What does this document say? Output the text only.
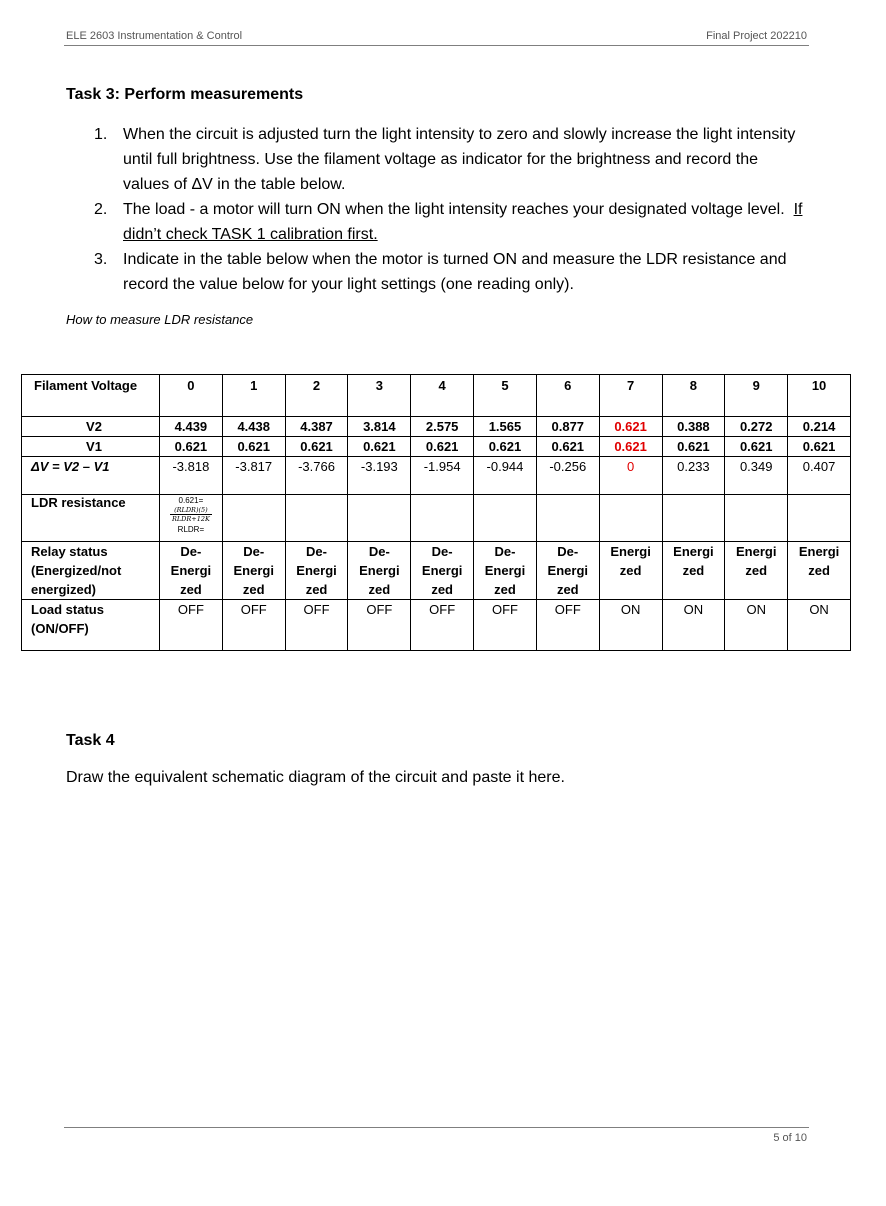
ELE 2603 Instrumentation & Control	Final Project 202210
Task 3: Perform measurements
1. When the circuit is adjusted turn the light intensity to zero and slowly increase the light intensity until full brightness. Use the filament voltage as indicator for the brightness and record the values of ΔV in the table below.
2. The load - a motor will turn ON when the light intensity reaches your designated voltage level. If didn’t check TASK 1 calibration first.
3. Indicate in the table below when the motor is turned ON and measure the LDR resistance and record the value below for your light settings (one reading only).
How to measure LDR resistance
Filament Voltage	0	1	2	3	4	5	6	7	8	9	10
V2	4.439	4.438	4.387	3.814	2.575	1.565	0.877	0.621	0.388	0.272	0.214
V1	0.621	0.621	0.621	0.621	0.621	0.621	0.621	0.621	0.621	0.621	0.621
ΔV = V2 – V1	-3.818	-3.817	-3.766	-3.193	-1.954	-0.944	-0.256	0	0.233	0.349	0.407
LDR resistance	0.621=
$\frac{\text{(RLDR)(5)}}{\text{RLDR+12K}}$
RLDR=										

Relay status (Energized/not energized)	De-Energi zed	De-Energi zed	De-Energi zed	De-Energi zed	De-Energi zed	De-Energi zed	De-Energi zed	Energi zed	Energi zed	Energi zed	Energi zed
Load status (ON/OFF)	OFF	OFF	OFF	OFF	OFF	OFF	OFF	ON	ON	ON	ON
Task 4
Draw the equivalent schematic diagram of the circuit and paste it here.
5 of 10
